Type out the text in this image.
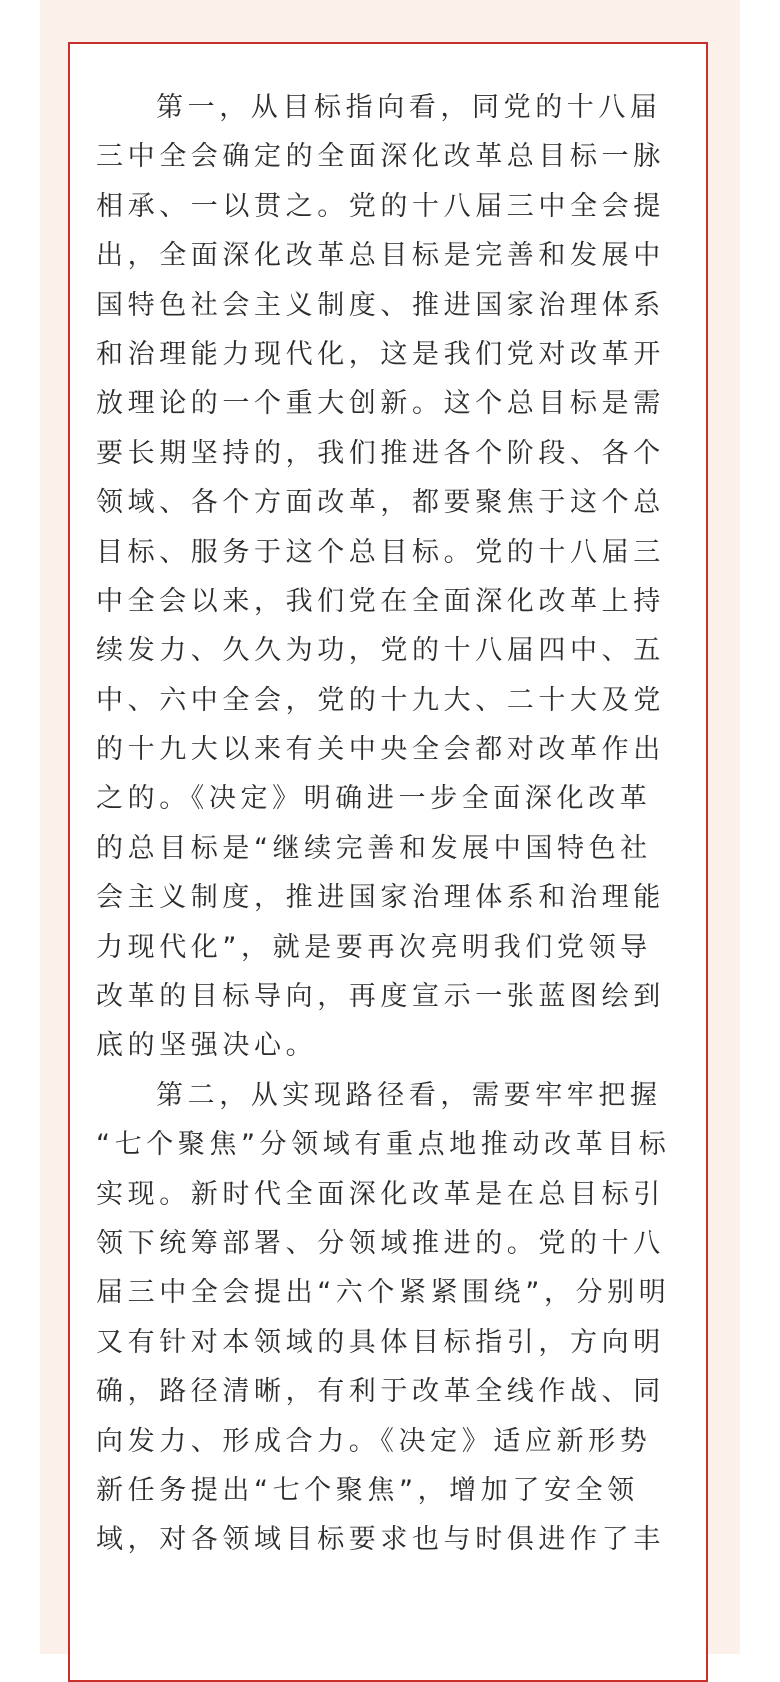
第一，从目标指向看，同党的十八届
三中全会确定的全面深化改革总目标一脉
相承、一以贯之。党的十八届三中全会提
出，全面深化改革总目标是完善和发展中
国特色社会主义制度、推进国家治理体系
和治理能力现代化，这是我们党对改革开
放理论的一个重大创新。这个总目标是需
要长期坚持的，我们推进各个阶段、各个
领域、各个方面改革，都要聚焦于这个总
目标、服务于这个总目标。党的十八届三
中全会以来，我们党在全面深化改革上持
续发力、久久为功，党的十八届四中、五
中、六中全会，党的十九大、二十大及党
的十九大以来有关中央全会都对改革作出
之的。《决定》明确进一步全面深化改革
的总目标是“继续完善和发展中国特色社
会主义制度，推进国家治理体系和治理能
力现代化”，就是要再次亮明我们党领导
改革的目标导向，再度宣示一张蓝图绘到
底的坚强决心。
第二，从实现路径看，需要牢牢把握
“七个聚焦”分领域有重点地推动改革目标
实现。新时代全面深化改革是在总目标引
领下统筹部署、分领域推进的。党的十八
届三中全会提出“六个紧紧围绕”，分别明
又有针对本领域的具体目标指引，方向明
确，路径清晰，有利于改革全线作战、同
向发力、形成合力。《决定》适应新形势
新任务提出“七个聚焦”，增加了安全领
域，对各领域目标要求也与时俱进作了丰
